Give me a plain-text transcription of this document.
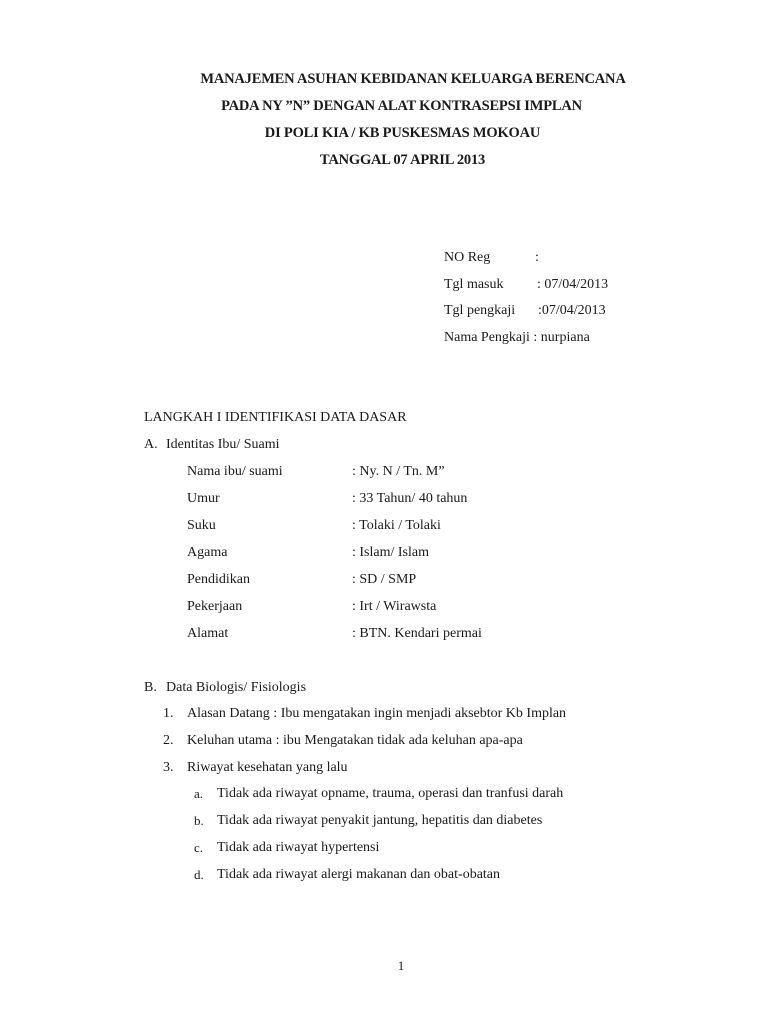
MANAJEMEN ASUHAN KEBIDANAN KELUARGA BERENCANA
PADA NY ”N” DENGAN ALAT KONTRASEPSI IMPLAN
DI POLI KIA / KB PUSKESMAS MOKOAU
TANGGAL 07 APRIL 2013
NO Reg	:
Tgl masuk : 07/04/2013
Tgl pengkaji :07/04/2013
Nama Pengkaji : nurpiana
LANGKAH I IDENTIFIKASI DATA DASAR
A. Identitas Ibu/ Suami
Nama ibu/ suami	: Ny. N / Tn. M”
Umur	: 33 Tahun/ 40 tahun
Suku	: Tolaki / Tolaki
Agama	: Islam/ Islam
Pendidikan	: SD / SMP
Pekerjaan	: Irt / Wirawsta
Alamat	: BTN. Kendari permai
B. Data Biologis/ Fisiologis
1. Alasan Datang : Ibu mengatakan ingin menjadi aksebtor Kb Implan
2. Keluhan utama : ibu Mengatakan tidak ada keluhan apa-apa
3. Riwayat kesehatan yang lalu
a. Tidak ada riwayat opname, trauma, operasi dan tranfusi darah
b. Tidak ada riwayat penyakit jantung, hepatitis dan diabetes
c. Tidak ada riwayat hypertensi
d. Tidak ada riwayat alergi makanan dan obat-obatan
1
